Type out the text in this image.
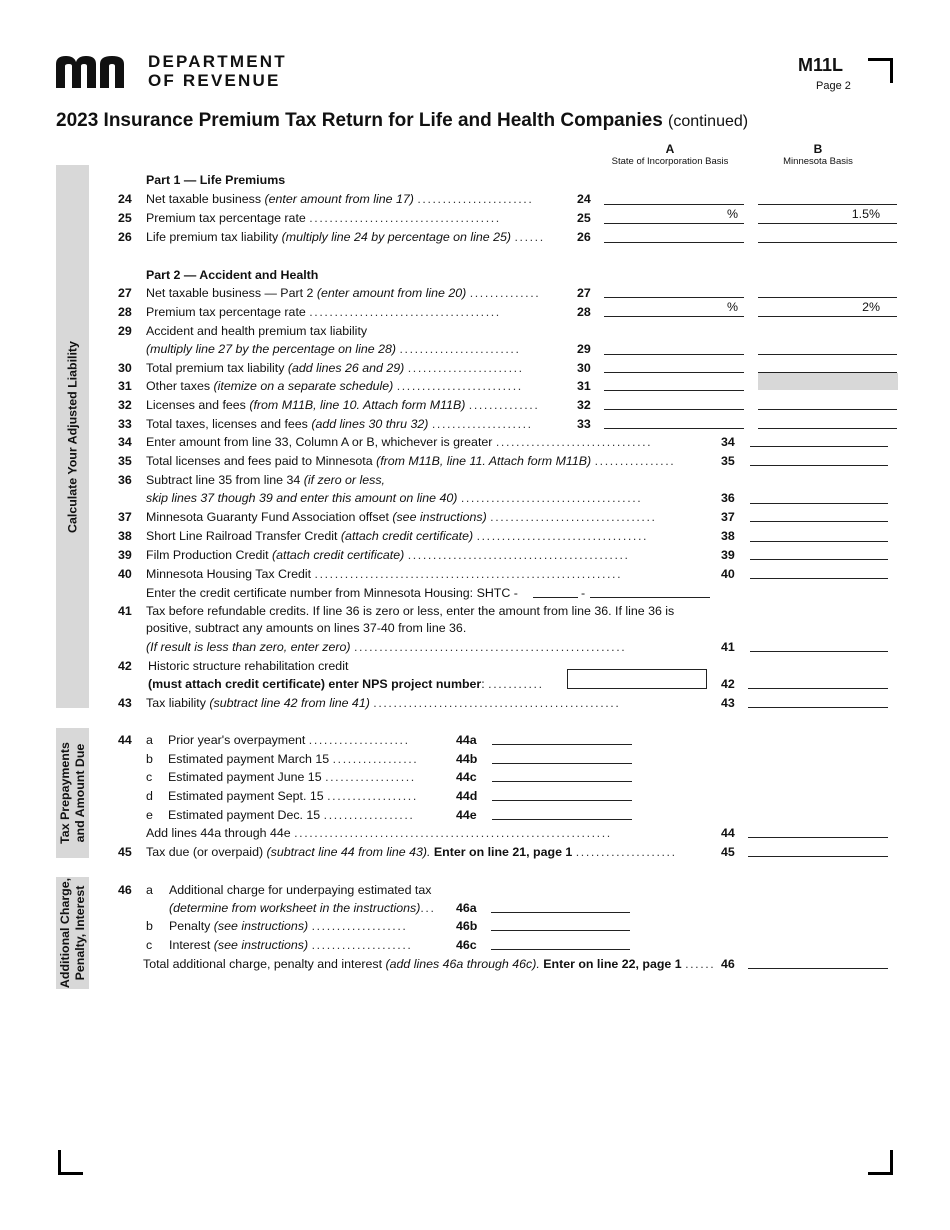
DEPARTMENT
OF REVENUE
M11L
Page 2
2023 Insurance Premium Tax Return for Life and Health Companies (continued)
A
State of Incorporation Basis
B
Minnesota Basis
Calculate Your Adjusted Liability
Tax Prepayments and Amount Due
Additional Charge, Penalty, Interest
Part 1 — Life Premiums
24 Net taxable business (enter amount from line 17) .......................	24
25 Premium tax percentage rate ......................................	25	%	1.5%
26 Life premium tax liability (multiply line 24 by percentage on line 25) ......	26
Part 2 — Accident and Health
27 Net taxable business — Part 2 (enter amount from line 20) ..............	27
28 Premium tax percentage rate ......................................	28	%	2%
29 Accident and health premium tax liability
(multiply line 27 by the percentage on line 28) ........................	29
30 Total premium tax liability (add lines 26 and 29) .......................	30
31 Other taxes (itemize on a separate schedule) .........................	31
32 Licenses and fees (from M11B, line 10. Attach form M11B) ..............	32
33 Total taxes, licenses and fees (add lines 30 thru 32) ....................	33
34 Enter amount from line 33, Column A or B, whichever is greater ...............................	34
35 Total licenses and fees paid to Minnesota (from M11B, line 11. Attach form M11B) ................	35
36 Subtract line 35 from line 34 (if zero or less,
skip lines 37 though 39 and enter this amount on line 40) ....................................	36
37 Minnesota Guaranty Fund Association offset (see instructions) .................................	37
38 Short Line Railroad Transfer Credit (attach credit certificate) ..................................	38
39 Film Production Credit (attach credit certificate) ............................................	39
40 Minnesota Housing Tax Credit .............................................................	40
Enter the credit certificate number from Minnesota Housing: SHTC -	-
41 Tax before refundable credits. If line 36 is zero or less, enter the amount from line 36. If line 36 is
positive, subtract any amounts on lines 37-40 from line 36.
(If result is less than zero, enter zero) ......................................................	41
42 Historic structure rehabilitation credit
(must attach credit certificate) enter NPS project number: ...........	42
43 Tax liability (subtract line 42 from line 41) .................................................	43
44 a Prior year's overpayment ....................	44a
b Estimated payment March 15 .................	44b
c Estimated payment June 15 ..................	44c
d Estimated payment Sept. 15 ..................	44d
e Estimated payment Dec. 15 ..................	44e
Add lines 44a through 44e ...............................................................	44
45 Tax due (or overpaid) (subtract line 44 from line 43). Enter on line 21, page 1 ....................	45
46 a Additional charge for underpaying estimated tax
(determine from worksheet in the instructions)... 46a
b Penalty (see instructions) ...................	46b
c Interest (see instructions) ....................	46c
Total additional charge, penalty and interest (add lines 46a through 46c). Enter on line 22, page 1 ...... 46
